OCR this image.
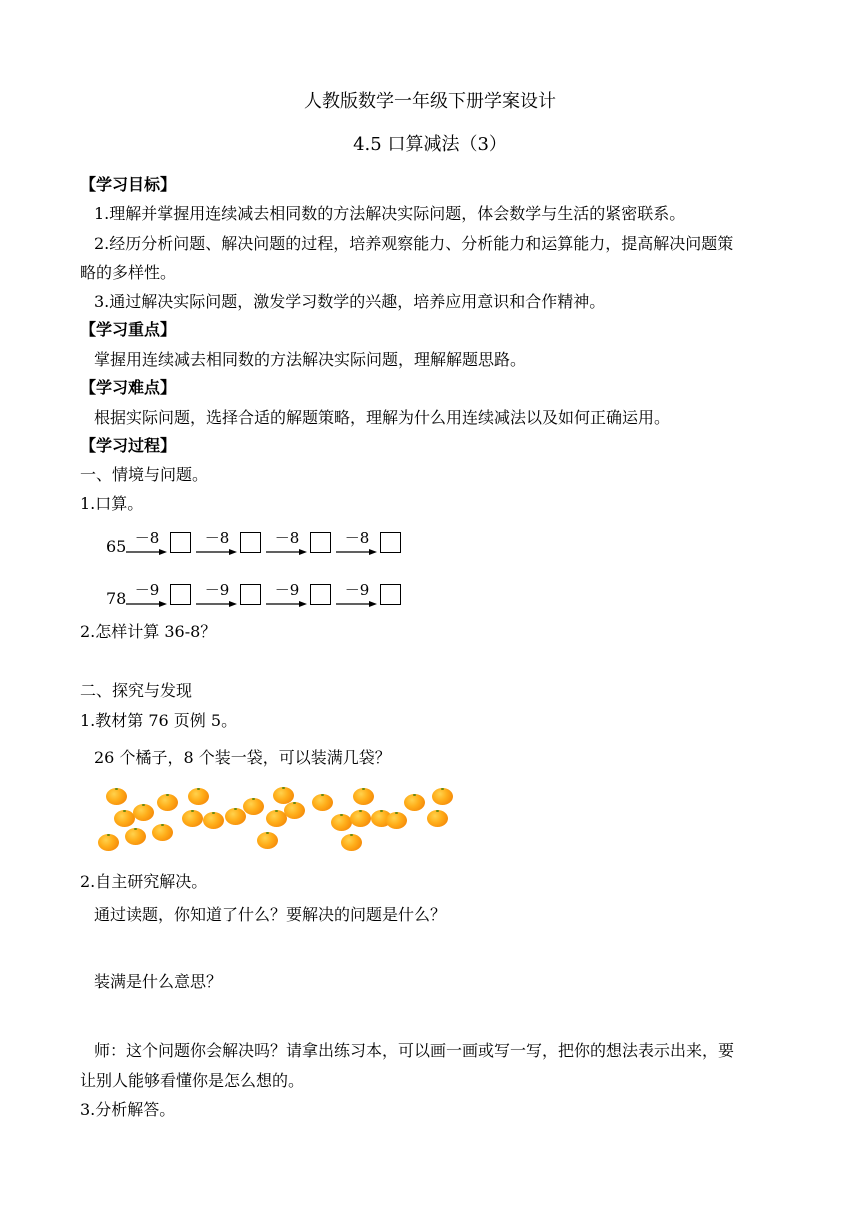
人教版数学一年级下册学案设计
4.5 口算减法（3）
【学习目标】
1.理解并掌握用连续减去相同数的方法解决实际问题，体会数学与生活的紧密联系。
2.经历分析问题、解决问题的过程，培养观察能力、分析能力和运算能力，提高解决问题策
略的多样性。
3.通过解决实际问题，激发学习数学的兴趣，培养应用意识和合作精神。
【学习重点】
掌握用连续减去相同数的方法解决实际问题，理解解题思路。
【学习难点】
根据实际问题，选择合适的解题策略，理解为什么用连续减法以及如何正确运用。
【学习过程】
一、情境与问题。
1.口算。
65 －8	－8	－8	－8
78 －9	－9	－9	－9
2.怎样计算 36-8？
二、探究与发现
1.教材第 76 页例 5。
26 个橘子，8 个装一袋，可以装满几袋？
2.自主研究解决。
通过读题，你知道了什么？要解决的问题是什么？
装满是什么意思？
师：这个问题你会解决吗？请拿出练习本，可以画一画或写一写，把你的想法表示出来，要
让别人能够看懂你是怎么想的。
3.分析解答。
